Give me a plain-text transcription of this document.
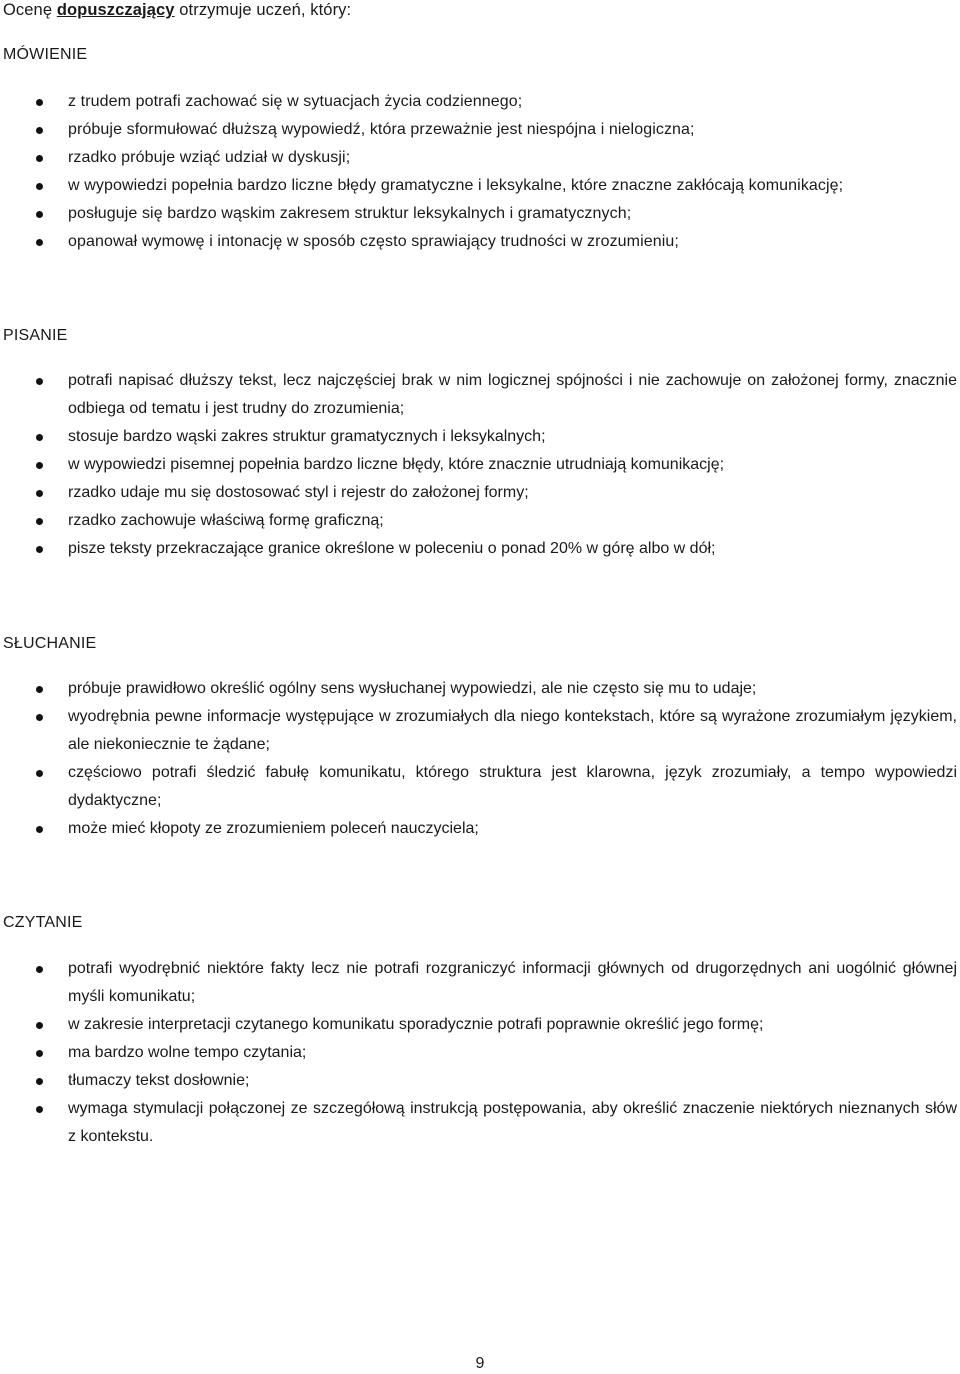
Ocenę dopuszczający otrzymuje uczeń, który:
MÓWIENIE
z trudem potrafi zachować się w sytuacjach życia codziennego;
próbuje sformułować dłuższą wypowiedź, która przeważnie jest niespójna i nielogiczna;
rzadko próbuje wziąć udział w dyskusji;
w wypowiedzi popełnia bardzo liczne błędy gramatyczne i leksykalne, które znaczne zakłócają komunikację;
posługuje się bardzo wąskim zakresem struktur leksykalnych i gramatycznych;
opanował wymowę i intonację w sposób często sprawiający trudności w zrozumieniu;
PISANIE
potrafi napisać dłuższy tekst, lecz najczęściej brak w nim logicznej spójności i nie zachowuje on założonej formy, znacznie odbiega od tematu i jest trudny do zrozumienia;
stosuje bardzo wąski zakres struktur gramatycznych i leksykalnych;
w wypowiedzi pisemnej popełnia bardzo liczne błędy, które znacznie utrudniają komunikację;
rzadko udaje mu się dostosować styl i rejestr do założonej formy;
rzadko zachowuje właściwą formę graficzną;
pisze teksty przekraczające granice określone w poleceniu o ponad 20% w górę albo w dół;
SŁUCHANIE
próbuje prawidłowo określić ogólny sens wysłuchanej wypowiedzi, ale nie często się mu to udaje;
wyodrębnia pewne informacje występujące w zrozumiałych dla niego kontekstach, które są wyrażone zrozumiałym językiem, ale niekoniecznie te żądane;
częściowo potrafi śledzić fabułę komunikatu, którego struktura jest klarowna, język zrozumiały, a tempo wypowiedzi dydaktyczne;
może mieć kłopoty ze zrozumieniem poleceń nauczyciela;
CZYTANIE
potrafi wyodrębnić niektóre fakty lecz nie potrafi rozgraniczyć informacji głównych od drugorzędnych ani uogólnić głównej myśli komunikatu;
w zakresie interpretacji czytanego komunikatu sporadycznie potrafi poprawnie określić jego formę;
ma bardzo wolne tempo czytania;
tłumaczy tekst dosłownie;
wymaga stymulacji połączonej ze szczegółową instrukcją postępowania, aby określić znaczenie niektórych nieznanych słów z kontekstu.
9
